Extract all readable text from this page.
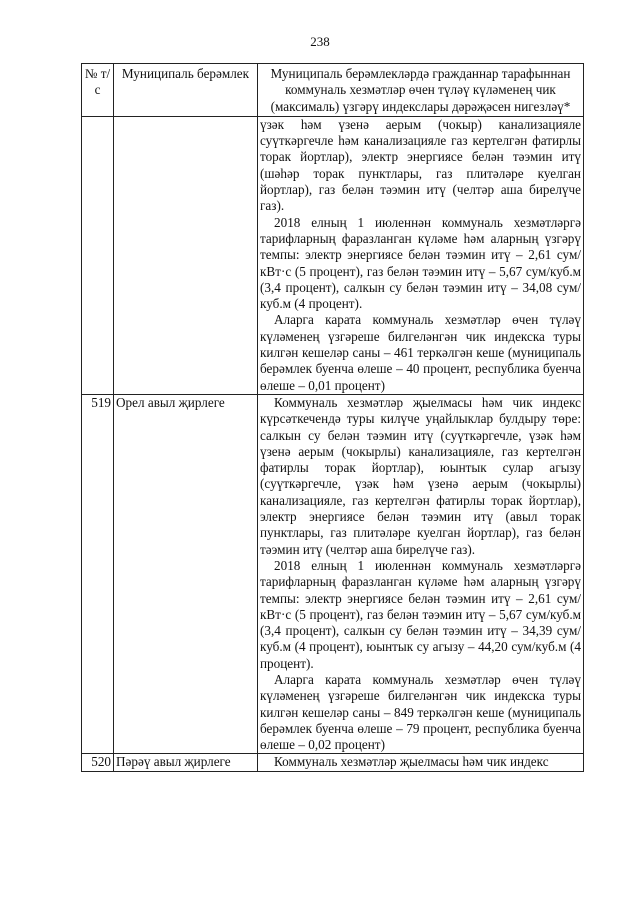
238
№ т/с	Муниципаль берәмлек	Муниципаль берәмлекләрдә гражданнар тарафыннан коммуналь хезмәтләр өчен түләү күләменең чик (максималь) үзгәрү индекслары дәрәҗәсен нигезләү*

		үзәк һәм үзенә аерым (чокыр) канализацияле суүткәргечле һәм канализацияле газ кертелгән фатирлы торак йортлар), электр энергиясе белән тәэмин итү (шәһәр торак пунктлары, газ плитәләре куелган йортлар), газ белән тәэмин итү (челтәр аша бирелүче газ).

2018 елның 1 июленнән коммуналь хезмәтләргә тарифларның фаразланган күләме һәм аларның үзгәрү темпы: электр энергиясе белән тәэмин итү – 2,61 сум/кВт·с (5 процент), газ белән тәэмин итү – 5,67 сум/куб.м (3,4 процент), салкын су белән тәэмин итү – 34,08 сум/куб.м (4 процент).

Аларга карата коммуналь хезмәтләр өчен түләү күләменең үзгәреше билгеләнгән чик индекска туры килгән кешеләр саны – 461 теркәлгән кеше (муниципаль берәмлек буенча өлеше – 40 процент, республика буенча өлеше – 0,01 процент)

519	Орел авыл җирлеге	Коммуналь хезмәтләр җыелмасы һәм чик индекс күрсәткечендә туры килүче уңайлыклар булдыру төре: салкын су белән тәэмин итү (суүткәргечле, үзәк һәм үзенә аерым (чокырлы) канализацияле, газ кертелгән фатирлы торак йортлар), юынтык сулар агызу (суүткәргечле, үзәк һәм үзенә аерым (чокырлы) канализацияле, газ кертелгән фатирлы торак йортлар), электр энергиясе белән тәэмин итү (авыл торак пунктлары, газ плитәләре куелган йортлар), газ белән тәэмин итү (челтәр аша бирелүче газ).

2018 елның 1 июленнән коммуналь хезмәтләргә тарифларның фаразланган күләме һәм аларның үзгәрү темпы: электр энергиясе белән тәэмин итү – 2,61 сум/кВт·с (5 процент), газ белән тәэмин итү – 5,67 сум/куб.м (3,4 процент), салкын су белән тәэмин итү – 34,39 сум/куб.м (4 процент), юынтык су агызу – 44,20 сум/куб.м (4 процент).

Аларга карата коммуналь хезмәтләр өчен түләү күләменең үзгәреше билгеләнгән чик индекска туры килгән кешеләр саны – 849 теркәлгән кеше (муниципаль берәмлек буенча өлеше – 79 процент, республика буенча өлеше – 0,02 процент)

520	Пәрәү авыл җирлеге	Коммуналь хезмәтләр җыелмасы һәм чик индекс
